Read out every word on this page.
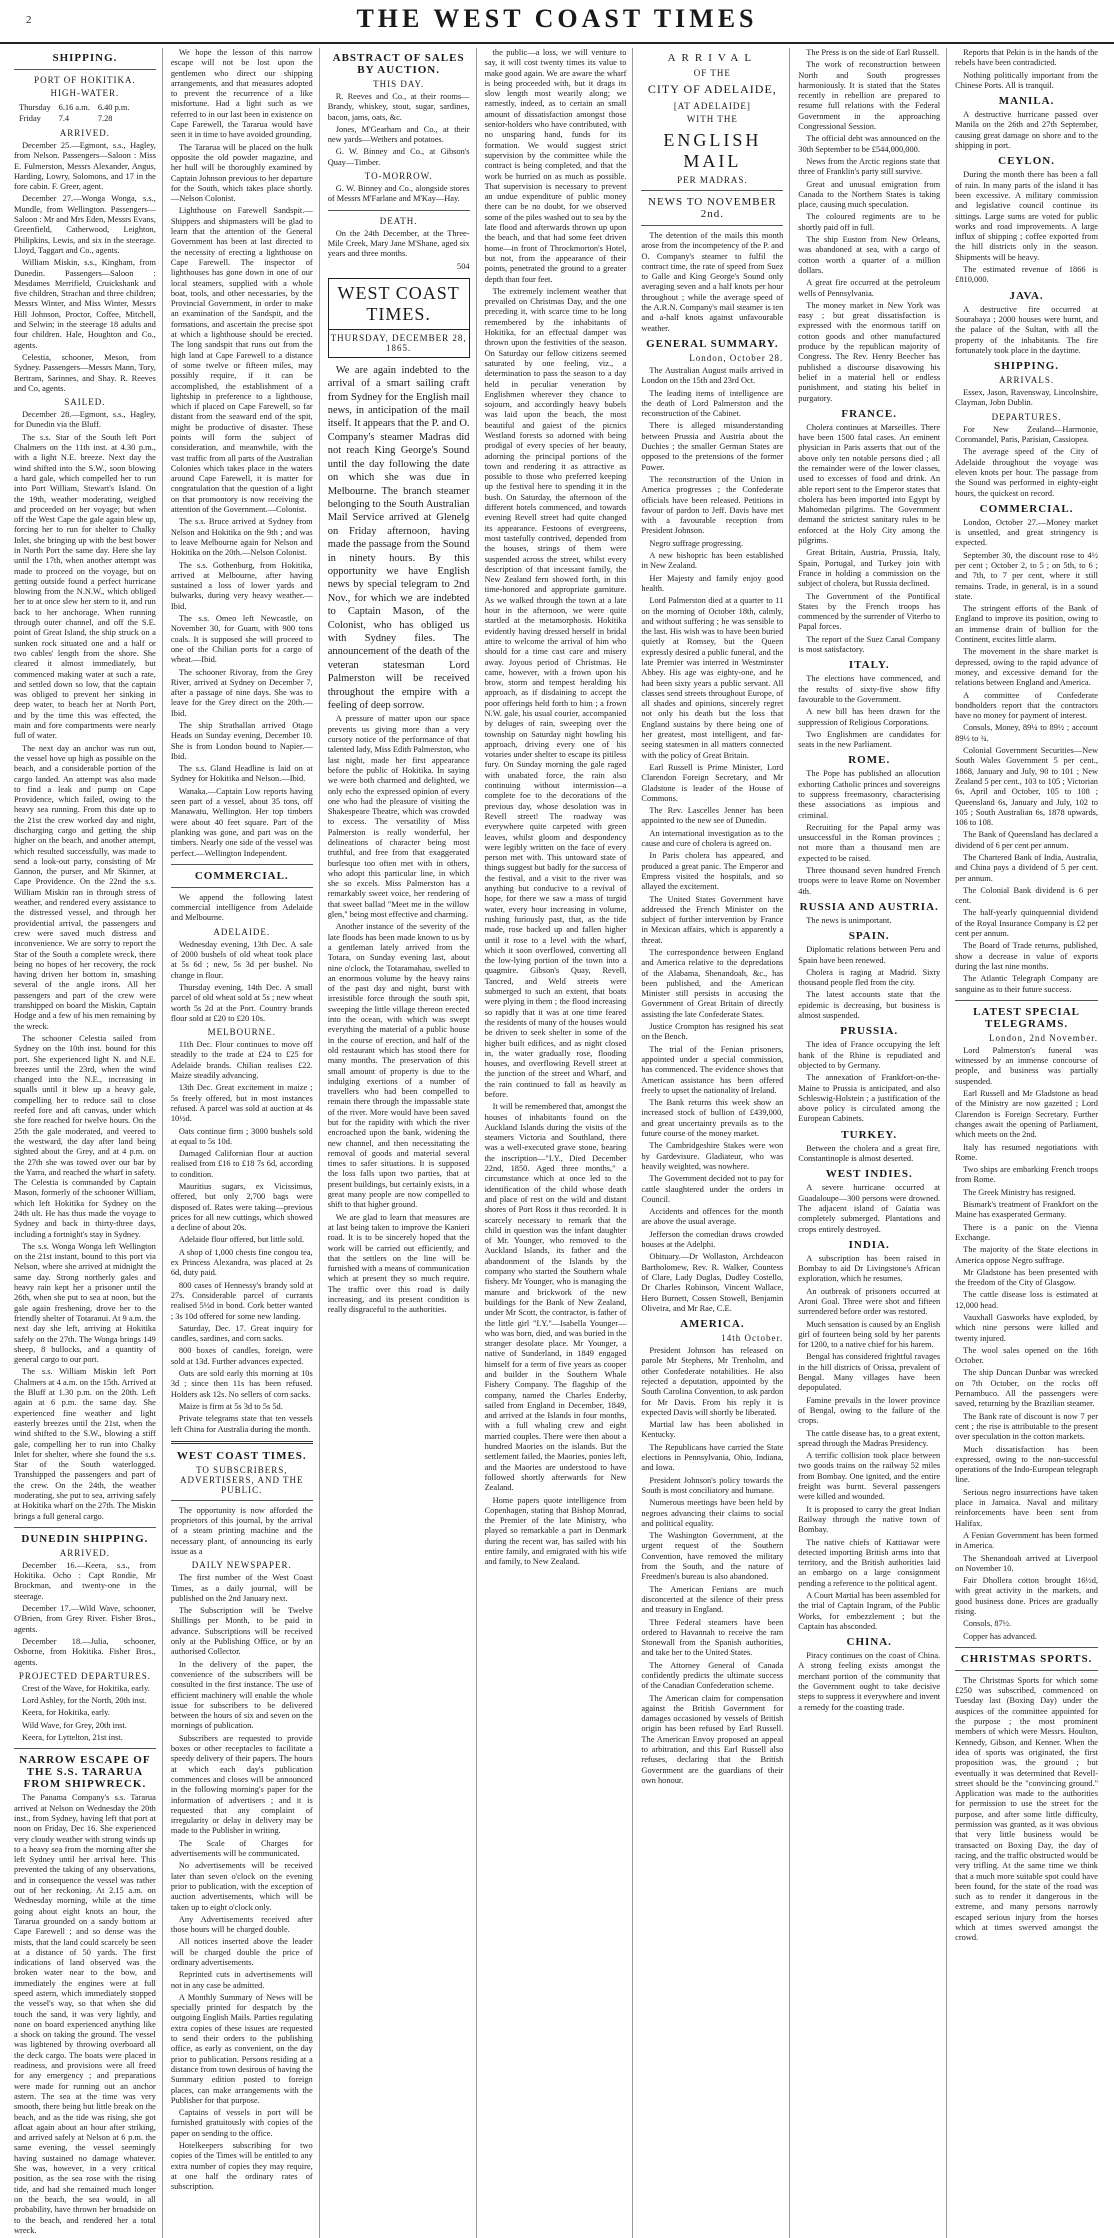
2	THE WEST COAST TIMES
SHIPPING.
PORT OF HOKITIKA.
HIGH-WATER.
Thursday	6.16 a.m.	6.40 p.m.
Friday	7.4	7.28
ARRIVED.

December 25.—Egmont, s.s., Hagley, from Nelson. Passengers—Saloon : Miss E. Fulmerston, Messrs Alexander, Angus, Harding, Lowry, Solomons, and 17 in the fore cabin. F. Greer, agent.

December 27.—Wonga Wonga, s.s., Mundle, from Wellington. Passengers—Saloon : Mr and Mrs Eden, Messrs Evans, Greenfield, Catherwood, Leighton, Philipkins, Lewis, and six in the steerage. Lloyd, Taggart and Co., agents.

William Miskin, s.s., Kingham, from Dunedin. Passengers—Saloon : Mesdames Merrifield, Cruickshank and five children, Strachan and three children; Messrs Winter, and Miss Winter, Messrs Hill Johnson, Proctor, Coffee, Mitchell, and Selwin; in the steerage 18 adults and four children. Hale, Houghton and Co., agents.

Celestia, schooner, Meson, from Sydney. Passengers—Messrs Mann, Tory, Bertram, Sarinnes, and Shay. R. Reeves and Co, agents.

SAILED.

December 28.—Egmont, s.s., Hagley, for Dunedin via the Bluff.

The s.s. Star of the South left Port Chalmers on the 11th inst. at 4.30 p.m., with a light N.E. breeze. Next day the wind shifted into the S.W., soon blowing a hard gale, which compelled her to run into Port William, Stewart's Island. On the 19th, weather moderating, weighed and proceeded on her voyage; but when off the West Cape the gale again blew up, forcing her to run for shelter to Chalky Inlet, she bringing up with the best bower in North Port the same day. Here she lay until the 17th, when another attempt was made to proceed on the voyage, but on getting outside found a perfect hurricane blowing from the N.N.W., which obliged her to at once slew her stern to it, and run back to her anchorage. When running through outer channel, and off the S.E. point of Great Island, the ship struck on a sunken rock situated one and a half or two cables' length from the shore. She cleared it almost immediately, but commenced making water at such a rate, and settled down so low, that the captain was obliged to prevent her sinking in deep water, to beach her at North Port, and by the time this was effected, the main and fore compartments were nearly full of water.

The next day an anchor was run out, the vessel hove up high as possible on the beach, and a considerable portion of the cargo landed. An attempt was also made to find a leak and pump on Cape Providence, which failed, owing to the heavy sea running. From this date up to the 21st the crew worked day and night, discharging cargo and getting the ship higher on the beach, and another attempt, which resulted successfully, was made to send a look-out party, consisting of Mr Gannon, the purser, and Mr Skinner, at Cape Providence. On the 22nd the s.s. William Miskin ran in through stress of weather, and rendered every assistance to the distressed vessel, and through her providential arrival, the passengers and crew were saved much distress and inconvenience. We are sorry to report the Star of the South a complete wreck, there being no hopes of her recovery, the rock having driven her bottom in, smashing several of the angle irons. All her passengers and part of the crew were transhipped on board the Miskin, Captain Hodge and a few of his men remaining by the wreck.

The schooner Celestia sailed from Sydney on the 10th inst. bound for this port. She experienced light N. and N.E. breezes until the 23rd, when the wind changed into the N.E., increasing in squalls until it blew up a heavy gale, compelling her to reduce sail to close reefed fore and aft canvas, under which she fore reached for twelve hours. On the 25th the gale moderated, and veered to the westward, the day after land being sighted about the Grey, and at 4 p.m. on the 27th she was towed over our bar by the Yarra, and reached the wharf in safety. The Celestia is commanded by Captain Mason, formerly of the schooner William, which left Hokitika for Sydney on the 24th ult. He has thus made the voyage to Sydney and back in thirty-three days, including a fortnight's stay in Sydney.

The s.s. Wonga Wonga left Wellington on the 21st instant, bound to this port via Nelson, where she arrived at midnight the same day. Strong northerly gales and heavy rain kept her a prisoner until the 26th, when she put to sea at noon, but the gale again freshening, drove her to the friendly shelter of Totaranui. At 9 a.m. the next day she left, arriving at Hokitika safely on the 27th. The Wonga brings 149 sheep, 8 bullocks, and a quantity of general cargo to our port.

The s.s. William Miskin left Port Chalmers at 4 a.m. on the 15th. Arrived at the Bluff at 1.30 p.m. on the 20th. Left again at 6 p.m. the same day. She experienced fine weather and light easterly breezes until the 21st, when the wind shifted to the S.W., blowing a stiff gale, compelling her to run into Chalky Inlet for shelter, where she found the s.s. Star of the South waterlogged. Transhipped the passengers and part of the crew. On the 24th, the weather moderating, she put to sea, arriving safely at Hokitika wharf on the 27th. The Miskin brings a full general cargo.

DUNEDIN SHIPPING.
ARRIVED.

December 16.—Keera, s.s., from Hokitika. Ocho : Capt Rondie, Mr Brockman, and twenty-one in the steerage.

December 17.—Wild Wave, schooner, O'Brien, from Grey River. Fisher Bros., agents.

December 18.—Julia, schooner, Osborne, from Hokitika. Fisher Bros., agents.

PROJECTED DEPARTURES.

Crest of the Wave, for Hokitika, early.

Lord Ashley, for the North, 20th inst.

Keera, for Hokitika, early.

Wild Wave, for Grey, 20th inst.

Keera, for Lyttelton, 21st inst.

NARROW ESCAPE OF THE S.S. TARARUA FROM SHIPWRECK.

The Panama Company's s.s. Tararua arrived at Nelson on Wednesday the 20th inst., from Sydney, having left that port at noon on Friday, Dec 16. She experienced very cloudy weather with strong winds up to a heavy sea from the morning after she left Sydney until her arrival here. This prevented the taking of any observations, and in consequence the vessel was rather out of her reckoning. At 2.15 a.m. on Wednesday morning, while at the time going about eight knots an hour, the Tararua grounded on a sandy bottom at Cape Farewell ; and so dense was the mists, that the land could scarcely be seen at a distance of 50 yards. The first indications of land observed was the broken water near to the bow, and immediately the engines were at full speed astern, which immediately stopped the vessel's way, so that when she did touch the sand, it was very lightly, and none on board experienced anything like a shock on taking the ground. The vessel was lightened by throwing overboard all the deck cargo. The boats were placed in readiness, and provisions were all freed for any emergency ; and preparations were made for running out an anchor astern. The sea at the time was very smooth, there being but little break on the beach, and as the tide was rising, she got afloat again about an hour after striking, and arrived safely at Nelson at 6 p.m. the same evening, the vessel seemingly having sustained no damage whatever. She was, however, in a very critical position, as the sea rose with the rising tide, and had she remained much longer on the beach, the sea would, in all probability, have thrown her broadside on to the beach, and rendered her a total wreck.

We hope the lesson of this narrow escape will not be lost upon the gentlemen who direct our shipping arrangements, and that measures adopted to prevent the recurrence of a like misfortune. Had a light such as we referred to in our last been in existence on Cape Farewell, the Tararua would have seen it in time to have avoided grounding.

The Tararua will be placed on the hulk opposite the old powder magazine, and her hull will be thoroughly examined by Captain Johnson previous to her departure for the South, which takes place shortly.—Nelson Colonist.

Lighthouse on Farewell Sandspit.—Shippers and shipmasters will be glad to learn that the attention of the General Government has been at last directed to the necessity of erecting a lighthouse on Cape Farewell. The inspector of lighthouses has gone down in one of our local steamers, supplied with a whole boat, tools, and other necessaries, by the Provincial Government, in order to make an examination of the Sandspit, and the formations, and ascertain the precise spot at which a lighthouse should be erected. The long sandspit that runs out from the high land at Cape Farewell to a distance of some twelve or fifteen miles, may possibly require, if it can be accomplished, the establishment of a lightship in preference to a lighthouse, which if placed on Cape Farewell, so far distant from the seaward end of the spit, might be productive of disaster. These points will form the subject of consideration, and meanwhile, with the vast traffic from all parts of the Australian Colonies which takes place in the waters around Cape Farewell, it is matter for congratulation that the question of a light on that promontory is now receiving the attention of the Government.—Colonist.

The s.s. Bruce arrived at Sydney from Nelson and Hokitika on the 9th ; and was to leave Melbourne again for Nelson and Hokitika on the 20th.—Nelson Colonist.

The s.s. Gothenburg, from Hokitika, arrived at Melbourne, after having sustained a loss of lower yards and bulwarks, during very heavy weather.—Ibid.

The s.s. Omeo left Newcastle, on November 30, for Guam, with 900 tons coals. It is supposed she will proceed to one of the Chilian ports for a cargo of wheat.—Ibid.

The schooner Rivoray, from the Grey River, arrived at Sydney on December 7, after a passage of nine days. She was to leave for the Grey direct on the 20th.—Ibid.

The ship Strathallan arrived Otago Heads on Sunday evening, December 10. She is from London bound to Napier.—Ibid.

The s.s. Gland Headline is laid on at Sydney for Hokitika and Nelson.—Ibid.

Wanaka.—Captain Low reports having seen part of a vessel, about 35 tons, off Manawatu, Wellington. Her top timbers were about 40 feet square. Part of the planking was gone, and part was on the timbers. Nearly one side of the vessel was perfect.—Wellington Independent.

COMMERCIAL.

We append the following latest commercial intelligence from Adelaide and Melbourne.

ADELAIDE.

Wednesday evening, 13th Dec. A sale of 2000 bushels of old wheat took place at 5s 6d ; new, 5s 3d per bushel. No change in flour.

Thursday evening, 14th Dec. A small parcel of old wheat sold at 5s ; new wheat worth 5s 2d at the Port. Country brands flour sold at £20 to £20 10s.

MELBOURNE.

11th Dec. Flour continues to move off steadily to the trade at £24 to £25 for Adelaide brands. Chilian realises £22. Maize steadily advancing.

13th Dec. Great excitement in maize ; 5s freely offered, but in most instances refused. A parcel was sold at auction at 4s 10½d.

Oats continue firm ; 3000 bushels sold at equal to 5s 10d.

Damaged Californian flour at auction realised from £16 to £18 7s 6d, according to condition.

Mauritius sugars, ex Vicissimus, offered, but only 2,700 bags were disposed of. Rates were taking—previous prices for all new cuttings, which showed a decline of about 20s.

Adelaide flour offered, but little sold.

A shop of 1,000 chests fine congou tea, ex Princess Alexandra, was placed at 2s 6d, duty paid.

800 cases of Hennessy's brandy sold at 27s. Considerable parcel of currants realised 5½d in bond. Cork better wanted ; 3s 10d offered for some new landing.

Saturday, Dec. 17. Great inquiry for candles, sardines, and corn sacks.

800 boxes of candles, foreign, were sold at 13d. Further advances expected.

Oats are sold early this morning at 10s 3d ; since then 11s has been refused. Holders ask 12s. No sellers of corn sacks.

Maize is firm at 5s 3d to 5s 5d.

Private telegrams state that ten vessels left China for Australia during the month.

WEST COAST TIMES.
TO SUBSCRIBERS, ADVERTISERS, AND THE PUBLIC.

The opportunity is now afforded the proprietors of this journal, by the arrival of a steam printing machine and the necessary plant, of announcing its early issue as a

DAILY NEWSPAPER.

The first number of the West Coast Times, as a daily journal, will be published on the 2nd January next.

The Subscription will be Twelve Shillings per Month, to be paid in advance. Subscriptions will be received only at the Publishing Office, or by an authorised Collector.

In the delivery of the paper, the convenience of the subscribers will be consulted in the first instance. The use of efficient machinery will enable the whole issue for subscribers to be delivered between the hours of six and seven on the mornings of publication.

Subscribers are requested to provide boxes or other receptacles to facilitate a speedy delivery of their papers. The hours at which each day's publication commences and closes will be announced in the following morning's paper for the information of advertisers ; and it is requested that any complaint of irregularity or delay in delivery may be made to the Publisher in writing.

The Scale of Charges for advertisements will be communicated.

No advertisements will be received later than seven o'clock on the evening prior to publication, with the exception of auction advertisements, which will be taken up to eight o'clock only.

Any Advertisements received after those hours will be charged double.

All notices inserted above the leader will be charged double the price of ordinary advertisements.

Reprinted cuts in advertisements will not in any case be admitted.

A Monthly Summary of News will be specially printed for despatch by the outgoing English Mails. Parties regulating extra copies of these issues are requested to send their orders to the publishing office, as early as convenient, on the day prior to publication. Persons residing at a distance from town desirous of having the Summary edition posted to foreign places, can make arrangements with the Publisher for that purpose.

Captains of vessels in port will be furnished gratuitously with copies of the paper on sending to the office.

Hotelkeepers subscribing for two copies of the Times will be entitled to any extra number of copies they may require, at one half the ordinary rates of subscription.

ABSTRACT OF SALES BY AUCTION.
THIS DAY.

R. Reeves and Co., at their rooms—Brandy, whiskey, stout, sugar, sardines, bacon, jams, oats, &c.

Jones, M'Gearham and Co., at their new yards—Wethers and potatoes.

G. W. Binney and Co., at Gibson's Quay—Timber.

TO-MORROW.

G. W. Binney and Co., alongside stores of Messrs M'Farlane and M'Kay—Hay.

DEATH.

On the 24th December, at the Three-Mile Creek, Mary Jane M'Shane, aged six years and three months.

504

WEST COAST TIMES.
THURSDAY, DECEMBER 28, 1865.

We are again indebted to the arrival of a smart sailing craft from Sydney for the English mail news, in anticipation of the mail itself. It appears that the P. and O. Company's steamer Madras did not reach King George's Sound until the day following the date on which she was due in Melbourne. The branch steamer belonging to the South Australian Mail Service arrived at Glenelg on Friday afternoon, having made the passage from the Sound in ninety hours. By this opportunity we have English news by special telegram to 2nd Nov., for which we are indebted to Captain Mason, of the Colonist, who has obliged us with Sydney files. The announcement of the death of the veteran statesman Lord Palmerston will be received throughout the empire with a feeling of deep sorrow.

A pressure of matter upon our space prevents us giving more than a very cursory notice of the performance of that talented lady, Miss Edith Palmerston, who last night, made her first appearance before the public of Hokitika. In saying we were both charmed and delighted, we only echo the expressed opinion of every one who had the pleasure of visiting the Shakespeare Theatre, which was crowded to excess. The versatility of Miss Palmerston is really wonderful, her delineations of character being most truthful, and free from that exaggerated burlesque too often met with in others, who adopt this particular line, in which she so excels. Miss Palmerston has a remarkably sweet voice, her rendering of that sweet ballad "Meet me in the willow glen," being most effective and charming.

Another instance of the severity of the late floods has been made known to us by a gentleman lately arrived from the Totara, on Sunday evening last, about nine o'clock, the Totaramahau, swelled to an enormous volume by the heavy rains of the past day and night, burst with irresistible force through the south spit, sweeping the little village thereon erected into the ocean, with which was swept everything the material of a public house in the course of erection, and half of the old restaurant which has stood there for many months. The preservation of this small amount of property is due to the indulging exertions of a number of travellers who had been compelled to remain there through the impassable state of the river. More would have been saved but for the rapidity with which the river encroached upon the bank, widening the new channel, and then necessitating the removal of goods and material several times to safer situations. It is supposed the loss falls upon two parties, that at present buildings, but certainly exists, in a great many people are now compelled to shift to that higher ground.

We are glad to learn that measures are at last being taken to improve the Kanieri road. It is to be sincerely hoped that the work will be carried out efficiently, and that the settlers on the line will be furnished with a means of communication which at present they so much require. The traffic over this road is daily increasing, and its present condition is really disgraceful to the authorities.

the public—a loss, we will venture to say, it will cost twenty times its value to make good again. We are aware the wharf is being proceeded with, but it drags its slow length most wearily along; we earnestly, indeed, as to certain an small amount of dissatisfaction amongst those senior-holders who have contributed, with no unsparing hand, funds for its formation. We would suggest strict supervision by the committee while the contract is being completed, and that the work be hurried on as much as possible. That supervision is necessary to prevent an undue expenditure of public money there can be no doubt, for we observed some of the piles washed out to sea by the late flood and afterwards thrown up upon the beach, and that had some feet driven home—in front of Throckmorton's Hotel, but not, from the appearance of their points, penetrated the ground to a greater depth than four feet.

The extremely inclement weather that prevailed on Christmas Day, and the one preceding it, with scarce time to be long remembered by the inhabitants of Hokitika, for an effectual damper was thrown upon the festivities of the season. On Saturday our fellow citizens seemed saturated by one feeling, viz., a determination to pass the season to a day held in peculiar veneration by Englishmen wherever they chance to sojourn, and accordingly heavy bubels was laid upon the beach, the most beautiful and gaiest of the picnics Westland forests so adorned with being prodigal of every species of her beauty, adorning the principal portions of the town and rendering it as attractive as possible to those who preferred keeping up the festival here to spending it in the bush. On Saturday, the afternoon of the different hotels commenced, and towards evening Revell street had quite changed its appearance. Festoons of evergreens, most tastefully contrived, depended from the houses, strings of them were suspended across the street, whilst every description of that incessant family, the New Zealand fern showed forth, in this time-honored and appropriate garniture. As we walked through the town at a late hour in the afternoon, we were quite startled at the metamorphosis. Hokitika evidently having dressed herself in bridal attire to welcome the arrival of him who should for a time cast care and misery away. Joyous period of Christmas. He came, however, with a frown upon his brow, storm and tempest heralding his approach, as if disdaining to accept the poor offerings held forth to him ; a frown N.W. gale, his usual courier, accompanied by deluges of rain, sweeping over the township on Saturday night howling his approach, driving every one of his votaries under shelter to escape its pitiless fury. On Sunday morning the gale raged with unabated force, the rain also continuing without intermission—a complete foe to the decorations of the previous day, whose desolation was in Revell street! The roadway was everywhere quite carpeted with green leaves, whilst gloom and despondency were legibly written on the face of every person met with. This untoward state of things suggest but badly for the success of the festival, and a visit to the river was anything but conducive to a revival of hope, for there we saw a mass of turgid water, every hour increasing in volume, rushing furiously past, that, as the tide made, rose backed up and fallen higher until it rose to a level with the wharf, which it soon overflowed, converting all the low-lying portion of the town into a quagmire. Gibson's Quay, Revell, Tancred, and Weld streets were submerged to such an extent, that boats were plying in them ; the flood increasing so rapidly that it was at one time feared the residents of many of the houses would be driven to seek shelter in some of the higher built edifices, and as night closed in, the water gradually rose, flooding houses, and overflowing Revell street at the junction of the street and Wharf, and the rain continued to fall as heavily as before.

It will be remembered that, amongst the houses of inhabitants found on the Auckland Islands during the visits of the steamers Victoria and Southland, there was a well-executed grave stone, bearing the inscription—"I.Y., Died December 22nd, 1850. Aged three months," a circumstance which at once led to the identification of the child whose death and place of rest on the wild and distant shores of Port Ross it thus recorded. It is scarcely necessary to remark that the child in question was the infant daughter of Mr. Younger, who removed to the Auckland Islands, its father and the abandonment of the Islands by the company who started the Southern whale fishery. Mr Younger, who is managing the manure and brickwork of the new buildings for the Bank of New Zealand, under Mr Scott, the contractor, is father of the little girl "I.Y."—Isabella Younger—who was born, died, and was buried in the stranger desolate place. Mr Younger, a native of Sunderland, in 1849 engaged himself for a term of five years as cooper and builder in the Southern Whale Fishery Company. The flagship of the company, named the Charles Enderby, sailed from England in December, 1849, and arrived at the Islands in four months, with a full whaling crew and eight married couples. There were then about a hundred Maories on the islands. But the settlement failed, the Maories, ponies left, and the Maories are understood to have followed shortly afterwards for New Zealand.

Home papers quote intelligence from Copenhagen, stating that Bishop Monrad, the Premier of the late Ministry, who played so remarkable a part in Denmark during the recent war, has sailed with his entire family, and emigrated with his wife and family, to New Zealand.

ARRIVAL
OF THE
CITY OF ADELAIDE,
[AT ADELAIDE]
WITH THE
ENGLISH MAIL
PER MADRAS.
NEWS TO NOVEMBER 2nd.

The detention of the mails this month arose from the incompetency of the P. and O. Company's steamer to fulfil the contract time, the rate of speed from Suez to Galle and King George's Sound only averaging seven and a half knots per hour throughout ; while the average speed of the A.R.N. Company's mail steamer is ten and a-half knots against unfavourable weather.

GENERAL SUMMARY.
London, October 28.

The Australian August mails arrived in London on the 15th and 23rd Oct.

The leading items of intelligence are the death of Lord Palmerston and the reconstruction of the Cabinet.

There is alleged misunderstanding between Prussia and Austria about the Duchies ; the smaller German States are opposed to the pretensions of the former Power.

The reconstruction of the Union in America progresses ; the Confederate officials have been released. Petitions in favour of pardon to Jeff. Davis have met with a favourable reception from President Johnson.

Negro suffrage progressing.

A new bishopric has been established in New Zealand.

Her Majesty and family enjoy good health.

Lord Palmerston died at a quarter to 11 on the morning of October 18th, calmly, and without suffering ; he was sensible to the last. His wish was to have been buried quietly at Romsey, but the Queen expressly desired a public funeral, and the late Premier was interred in Westminster Abbey. His age was eighty-one, and he had been sixty years a public servant. All classes send streets throughout Europe, of all shades and opinions, sincerely regret not only his death but the loss that England sustains by there being one of her greatest, most intelligent, and far-seeing statesmen in all matters connected with the policy of Great Britain.

Earl Russell is Prime Minister, Lord Clarendon Foreign Secretary, and Mr Gladstone is leader of the House of Commons.

The Rev. Lascelles Jenner has been appointed to the new see of Dunedin.

An international investigation as to the cause and cure of cholera is agreed on.

In Paris cholera has appeared, and produced a great panic. The Emperor and Empress visited the hospitals, and so allayed the excitement.

The United States Government have addressed the French Minister on the subject of further intervention by France in Mexican affairs, which is apparently a threat.

The correspondence between England and America relative to the depredations of the Alabama, Shenandoah, &c., has been published, and the American Minister still persists in accusing the Government of Great Britain of directly assisting the late Confederate States.

Justice Crompton has resigned his seat on the Bench.

The trial of the Fenian prisoners, appointed under a special commission, has commenced. The evidence shows that American assistance has been offered freely to upset the nationality of Ireland.

The Bank returns this week show an increased stock of bullion of £439,000, and great uncertainty prevails as to the future course of the money market.

The Cambridgeshire Stakes were won by Gardevisure. Gladiateur, who was heavily weighted, was nowhere.

The Government decided not to pay for cattle slaughtered under the orders in Council.

Accidents and offences for the month are above the usual average.

Jefferson the comedian draws crowded houses at the Adelphi.

Obituary.—Dr Wollaston, Archdeacon Bartholomew, Rev. R. Walker, Countess of Clare, Lady Duglas, Dudley Costello, Dr Charles Robinson, Vincent Wallace, Hero Burnett, Cossen Stowell, Benjamin Oliveira, and Mr Rae, C.E.

AMERICA.
14th October.

President Johnson has released on parole Mr Stephens, Mr Trenholm, and other Confederate notabilities. He also rejected a deputation, appointed by the South Carolina Convention, to ask pardon for Mr Davis. From his reply it is expected Davis will shortly be liberated.

Martial law has been abolished in Kentucky.

The Republicans have carried the State elections in Pennsylvania, Ohio, Indiana, and Iowa.

President Johnson's policy towards the South is most conciliatory and humane.

Numerous meetings have been held by negroes advancing their claims to social and political equality.

The Washington Government, at the urgent request of the Southern Convention, have removed the military from the South, and the nature of Freedmen's bureau is also abandoned.

The American Fenians are much disconcerted at the silence of their press and treasury in England.

Three Federal steamers have been ordered to Havannah to receive the ram Stonewall from the Spanish authorities, and take her to the United States.

The Attorney General of Canada confidently predicts the ultimate success of the Canadian Confederation scheme.

The American claim for compensation against the British Government for damages occasioned by vessels of British origin has been refused by Earl Russell. The American Envoy proposed an appeal to arbitration, and this Earl Russell also refuses, declaring that the British Government are the guardians of their own honour.

The Press is on the side of Earl Russell.

The work of reconstruction between North and South progresses harmoniously. It is stated that the States recently in rebellion are prepared to resume full relations with the Federal Government in the approaching Congressional Session.

The official debt was announced on the 30th September to be £544,000,000.

News from the Arctic regions state that three of Franklin's party still survive.

Great and unusual emigration from Canada to the Northern States is taking place, causing much speculation.

The coloured regiments are to be shortly paid off in full.

The ship Euston from New Orleans, was abandoned at sea, with a cargo of cotton worth a quarter of a million dollars.

A great fire occurred at the petroleum wells of Pennsylvania.

The money market in New York was easy ; but great dissatisfaction is expressed with the enormous tariff on cotton goods and other manufactured produce by the republican majority of Congress. The Rev. Henry Beecher has published a discourse disavowing his belief in a material hell or endless punishment, and stating his belief in purgatory.

FRANCE.

Cholera continues at Marseilles. There have been 1500 fatal cases. An eminent physician in Paris asserts that out of the above only ten notable persons died ; all the remainder were of the lower classes, used to excesses of food and drink. An able report sent to the Emperor states that cholera has been imported into Egypt by Mahomedan pilgrims. The Government demand the strictest sanitary rules to be enforced at the Holy City among the pilgrims.

Great Britain, Austria, Prussia, Italy, Spain, Portugal, and Turkey join with France in holding a commission on the subject of cholera, but Russia declined.

The Government of the Pontifical States by the French troops has commenced by the surrender of Viterbo to Papal forces.

The report of the Suez Canal Company is most satisfactory.

ITALY.

The elections have commenced, and the results of sixty-five show fifty favourable to the Government.

A new bill has been drawn for the suppression of Religious Corporations.

Two Englishmen are candidates for seats in the new Parliament.

ROME.

The Pope has published an allocution exhorting Catholic princes and sovereigns to suppress freemasonry, characterising these associations as impious and criminal.

Recruiting for the Papal army was unsuccessful in the Roman provinces ; not more than a thousand men are expected to be raised.

Three thousand seven hundred French troops were to leave Rome on November 4th.

RUSSIA AND AUSTRIA.

The news is unimportant.

SPAIN.

Diplomatic relations between Peru and Spain have been renewed.

Cholera is raging at Madrid. Sixty thousand people fled from the city.

The latest accounts state that the epidemic is decreasing, but business is almost suspended.

PRUSSIA.

The idea of France occupying the left bank of the Rhine is repudiated and objected to by Germany.

The annexation of Frankfort-on-the-Maine to Prussia is anticipated, and also Schleswig-Holstein ; a justification of the above policy is circulated among the European Cabinets.

TURKEY.

Between the cholera and a great fire, Constantinople is almost deserted.

WEST INDIES.

A severe hurricane occurred at Guadaloupe—300 persons were drowned. The adjacent island of Gaiatia was completely submerged. Plantations and crops entirely destroyed.

INDIA.

A subscription has been raised in Bombay to aid Dr Livingstone's African exploration, which he resumes.

An outbreak of prisoners occurred at Aroni Goal. Three were shot and fifteen surrendered before order was restored.

Much sensation is caused by an English girl of fourteen being sold by her parents for 1200, to a native chief for his harem.

Bengal has considered frightful ravages in the hill districts of Orissa, prevalent of Bengal. Many villages have been depopulated.

Famine prevails in the lower province of Bengal, owing to the failure of the crops.

The cattle disease has, to a great extent, spread through the Madras Presidency.

A terrific collision took place between two goods trains on the railway 52 miles from Bombay. One ignited, and the entire freight was burnt. Several passengers were killed and wounded.

It is proposed to carry the great Indian Railway through the native town of Bombay.

The native chiefs of Kattiawar were detected importing British arms into that territory, and the British authorities laid an embargo on a large consignment pending a reference to the political agent.

A Court Martial has been assembled for the trial of Captain Ingram, of the Public Works, for embezzlement ; but the Captain has absconded.

CHINA.

Piracy continues on the coast of China. A strong feeling exists amongst the merchant portion of the community that the Government ought to take decisive steps to suppress it everywhere and invent a remedy for the coasting trade.

Reports that Pekin is in the hands of the rebels have been contradicted.

Nothing politically important from the Chinese Ports. All is tranquil.

MANILA.

A destructive hurricane passed over Manila on the 26th and 27th September, causing great damage on shore and to the shipping in port.

CEYLON.

During the month there has been a fall of rain. In many parts of the island it has been excessive. A military commission and legislative council continue its sittings. Large sums are voted for public works and road improvements. A large influx of shipping ; coffee exported from the hill districts only in the season. Shipments will be heavy.

The estimated revenue of 1866 is £810,000.

JAVA.

A destructive fire occurred at Sourabaya ; 2000 houses were burnt, and the palace of the Sultan, with all the property of the inhabitants. The fire fortunately took place in the daytime.

SHIPPING.
ARRIVALS.

Essex, Jason, Ravensway, Lincolnshire, Clayman, Jobn Dublin.

DEPARTURES.

For New Zealand—Harmonie, Coromandel, Paris, Parisian, Cassiopea.

The average speed of the City of Adelaide throughout the voyage was eleven knots per hour. The passage from the Sound was performed in eighty-eight hours, the quickest on record.

COMMERCIAL.

London, October 27.—Money market is unsettled, and great stringency is expected.

September 30, the discount rose to 4½ per cent ; October 2, to 5 ; on 5th, to 6 ; and 7th, to 7 per cent, where it still remains. Trade, in general, is in a sound state.

The stringent efforts of the Bank of England to improve its position, owing to an immense drain of bullion for the Continent, excites little alarm.

The movement in the share market is depressed, owing to the rapid advance of money, and excessive demand for the relations between England and America.

A committee of Confederate bondholders report that the contractors have no money for payment of interest.

Consols, Money, 89¼ to 89½ ; account 89½ to ¾.

Colonial Government Securities—New South Wales Government 5 per cent., 1868, January and July, 90 to 101 ; New Zealand 5 per cent., 103 to 105 ; Victorian 6s, April and October, 105 to 108 ; Queensland 6s, January and July, 102 to 105 ; South Australian 6s, 1878 upwards, 106 to 108.

The Bank of Queensland has declared a dividend of 6 per cent per annum.

The Chartered Bank of India, Australia, and China pays a dividend of 5 per cent. per annum.

The Colonial Bank dividend is 6 per cent.

The half-yearly quinquennial dividend of the Royal Insurance Company is £2 per cent per annum.

The Board of Trade returns, published, show a decrease in value of exports during the last nine months.

The Atlantic Telegraph Company are sanguine as to their future success.

LATEST SPECIAL TELEGRAMS.
London, 2nd November.

Lord Palmerston's funeral was witnessed by an immense concourse of people, and business was partially suspended.

Earl Russell and Mr Gladstone as head of the Ministry are now gazetted ; Lord Clarendon is Foreign Secretary. Further changes await the opening of Parliament, which meets on the 2nd.

Italy has resumed negotiations with Rome.

Two ships are embarking French troops from Rome.

The Greek Ministry has resigned.

Bismark's treatment of Frankfort on the Maine has exasperated Germany.

There is a panic on the Vienna Exchange.

The majority of the State elections in America oppose Negro suffrage.

Mr Gladstone has been presented with the freedom of the City of Glasgow.

The cattle disease loss is estimated at 12,000 head.

Vauxhall Gasworks have exploded, by which nine persons were killed and twenty injured.

The wool sales opened on the 16th October.

The ship Duncan Dunbar was wrecked on 7th October, on the rocks off Pernambuco. All the passengers were saved, returning by the Brazilian steamer.

The Bank rate of discount is now 7 per cent ; the rise is attributable to the present over speculation in the cotton markets.

Much dissatisfaction has been expressed, owing to the non-successful operations of the Indo-European telegraph line.

Serious negro insurrections have taken place in Jamaica. Naval and military reinforcements have been sent from Halifax.

A Fenian Government has been formed in America.

The Shenandoah arrived at Liverpool on November 10.

Fair Dhollera cotton brought 16½d, with great activity in the markets, and good business done. Prices are gradually rising.

Consols, 87½.

Copper has advanced.

CHRISTMAS SPORTS.

The Christmas Sports for which some £250 was subscribed, commenced on Tuesday last (Boxing Day) under the auspices of the committee appointed for the purpose ; the most prominent members of which were Messrs. Houlton, Kennedy, Gibson, and Kenner. When the idea of sports was originated, the first proposition was, the ground ; but eventually it was determined that Revell-street should be the "convincing ground." Application was made to the authorities for permission to use the street for the purpose, and after some little difficulty, permission was granted, as it was obvious that very little business would be transacted on Boxing Day, the day of racing, and the traffic obstructed would be very trifling. At the same time we think that a much more suitable spot could have been found, for the state of the road was such as to render it dangerous in the extreme, and many persons narrowly escaped serious injury from the horses which at times swerved amongst the crowd.
